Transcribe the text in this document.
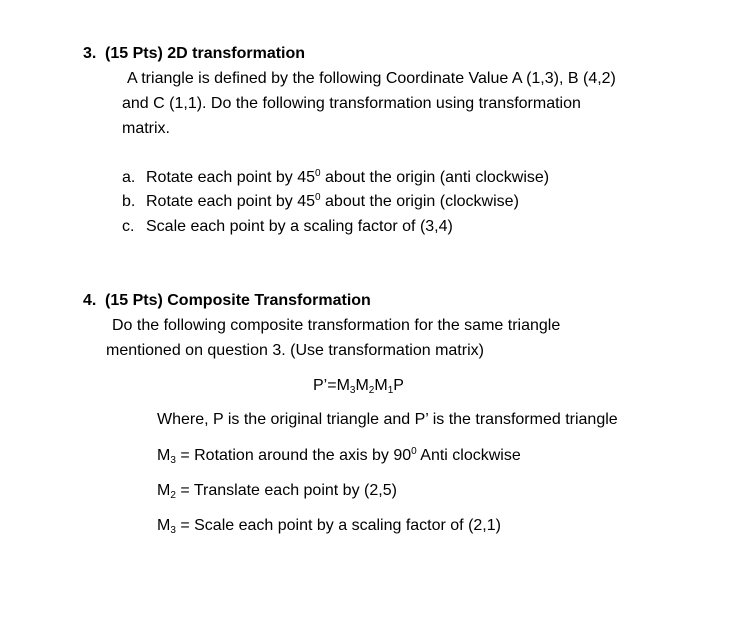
3. (15 Pts) 2D transformation
A triangle is defined by the following Coordinate Value A (1,3), B (4,2)
and C (1,1). Do the following transformation using transformation
matrix.
a. Rotate each point by $45^0$ about the origin (anti clockwise)
b. Rotate each point by $45^0$ about the origin (clockwise)
c. Scale each point by a scaling factor of (3,4)
4. (15 Pts) Composite Transformation
Do the following composite transformation for the same triangle
mentioned on question 3. (Use transformation matrix)
$P’=M_3M_2M_1P$
Where, P is the original triangle and P’ is the transformed triangle
$M_3$ = Rotation around the axis by $90^0$ Anti clockwise
$M_2$ = Translate each point by (2,5)
$M_3$ = Scale each point by a scaling factor of (2,1)
